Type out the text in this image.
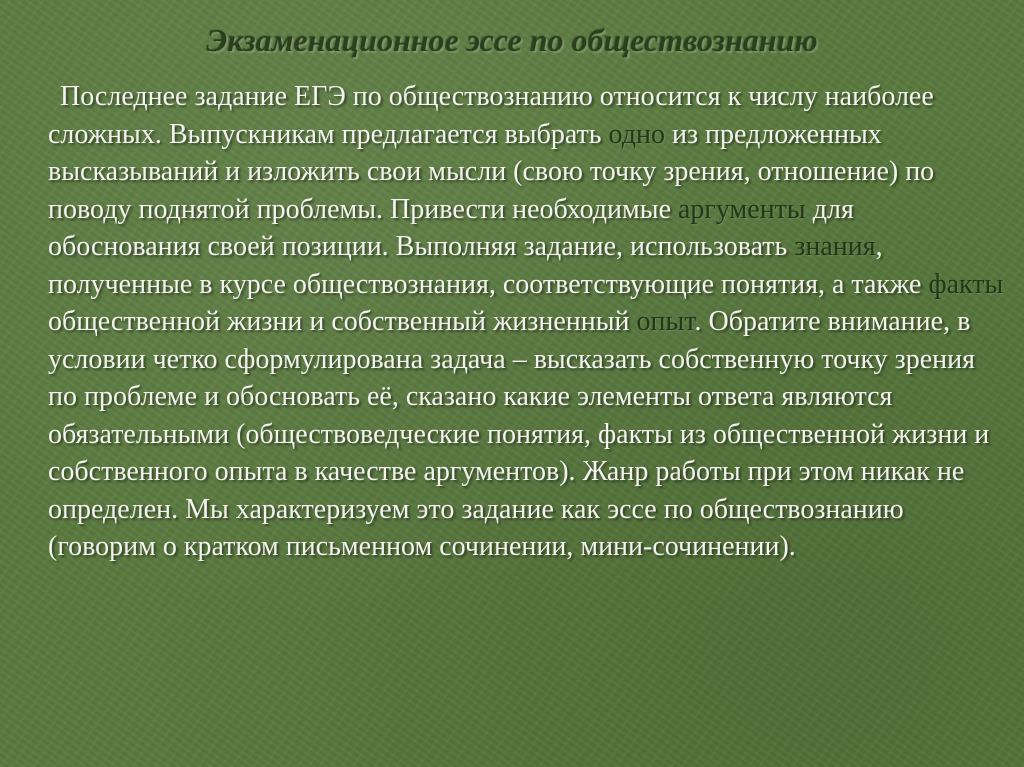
Экзаменационное эссе по обществознанию

Последнее задание ЕГЭ по обществознанию относится к числу наиболее сложных. Выпускникам предлагается выбрать одно из предложенных высказываний и изложить свои мысли (свою точку зрения, отношение) по поводу поднятой проблемы. Привести необходимые аргументы для обоснования своей позиции. Выполняя задание, использовать знания, полученные в курсе обществознания, соответствующие понятия, а также факты общественной жизни и собственный жизненный опыт. Обратите внимание, в условии четко сформулирована задача – высказать собственную точку зрения по проблеме и обосновать её, сказано какие элементы ответа являются обязательными (обществоведческие понятия, факты из общественной жизни и собственного опыта в качестве аргументов). Жанр работы при этом никак не определен. Мы характеризуем это задание как эссе по обществознанию (говорим о кратком письменном сочинении, мини-сочинении).
